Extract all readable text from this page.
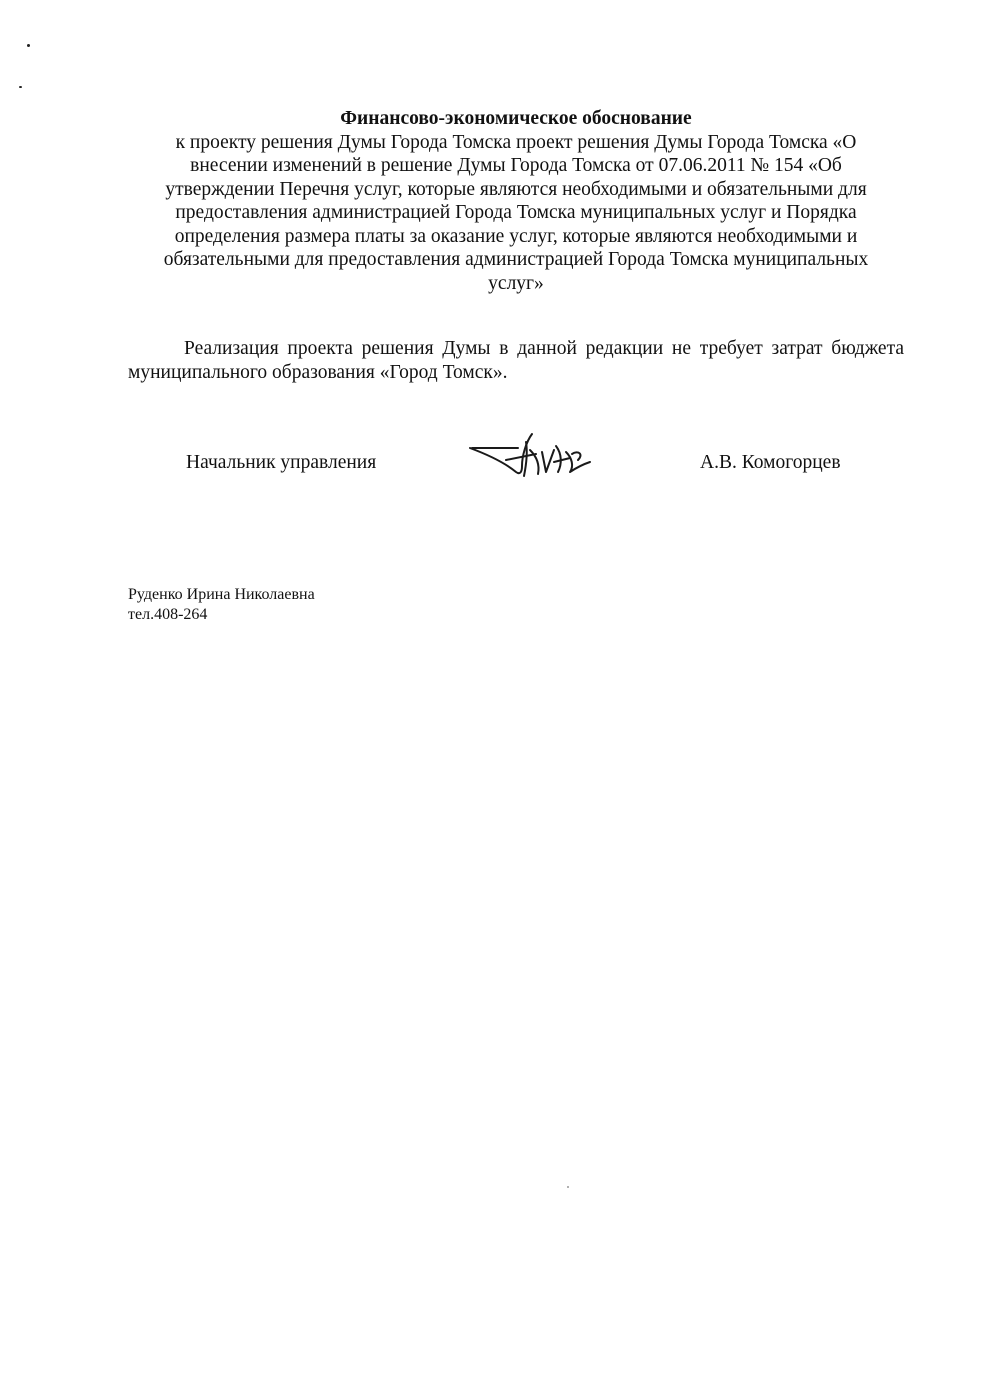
Финансово-экономическое обоснование
к проекту решения Думы Города Томска проект решения Думы Города Томска «О
внесении изменений в решение Думы Города Томска от 07.06.2011 № 154 «Об
утверждении Перечня услуг, которые являются необходимыми и обязательными для
предоставления администрацией Города Томска муниципальных услуг и Порядка
определения размера платы за оказание услуг, которые являются необходимыми и
обязательными для предоставления администрацией Города Томска муниципальных
услуг»
Реализация проекта решения Думы в данной редакции не требует затрат бюджета
муниципального образования «Город Томск».
Начальник управления	А.В. Комогорцев
Руденко Ирина Николаевна
тел.408-264
